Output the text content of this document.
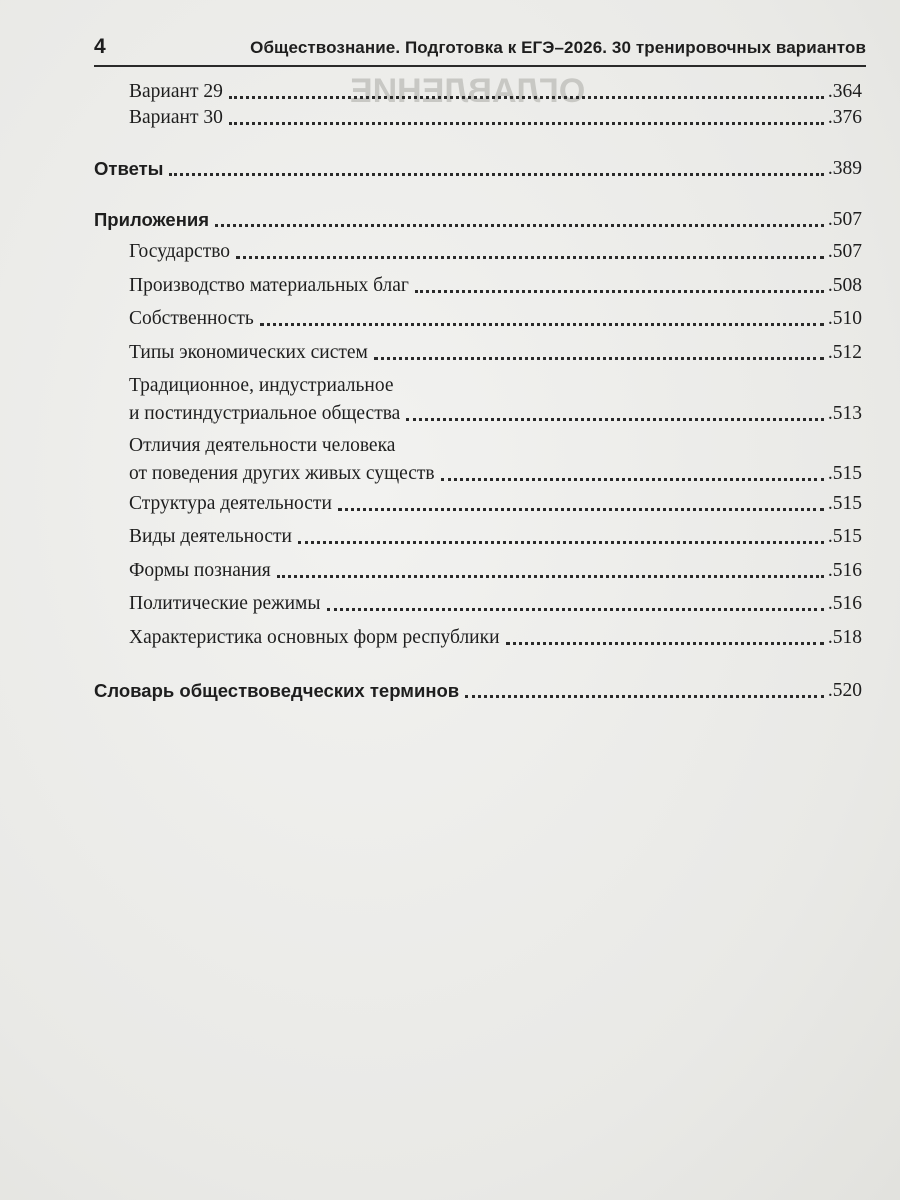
ОГЛАВЛЕНИЕ
4	Обществознание. Подготовка к ЕГЭ–2026. 30 тренировочных вариантов
Вариант 29	.364
Вариант 30	.376
Ответы	.389
Приложения	.507
Государство	.507
Производство материальных благ	.508
Собственность	.510
Типы экономических систем	.512
Традиционное, индустриальное
и постиндустриальное общества	.513
Отличия деятельности человека
от поведения других живых существ	.515
Структура деятельности	.515
Виды деятельности	.515
Формы познания	.516
Политические режимы	.516
Характеристика основных форм республики	.518
Словарь обществоведческих терминов	.520
